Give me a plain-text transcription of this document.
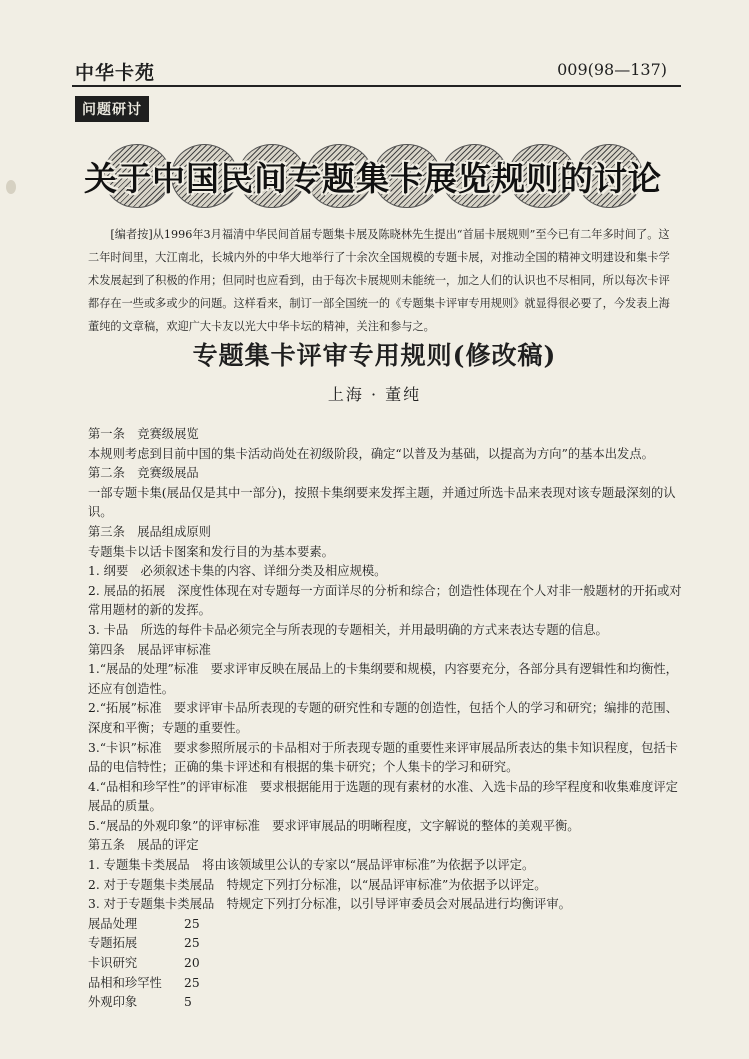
中华卡苑	009(98—137)
问题研讨
关于中国民间专题集卡展览规则的讨论
[编者按]从1996年3月福清中华民间首届专题集卡展及陈晓林先生提出“首届卡展规则”至今已有二年多时间了。这二年时间里，大江南北，长城内外的中华大地举行了十余次全国规模的专题卡展，对推动全国的精神文明建设和集卡学术发展起到了积极的作用；但同时也应看到，由于每次卡展规则未能统一，加之人们的认识也不尽相同，所以每次卡评都存在一些或多或少的问题。这样看来，制订一部全国统一的《专题集卡评审专用规则》就显得很必要了，今发表上海董纯的文章稿，欢迎广大卡友以光大中华卡坛的精神，关注和参与之。
专题集卡评审专用规则(修改稿)
上海 · 董纯

第一条　竞赛级展览

本规则考虑到目前中国的集卡活动尚处在初级阶段，确定“以普及为基础，以提高为方向”的基本出发点。

第二条　竞赛级展品

一部专题卡集(展品仅是其中一部分)，按照卡集纲要来发挥主题，并通过所选卡品来表现对该专题最深刻的认识。

第三条　展品组成原则

专题集卡以话卡图案和发行目的为基本要素。

1. 纲要　必须叙述卡集的内容、详细分类及相应规模。

2. 展品的拓展　深度性体现在对专题每一方面详尽的分析和综合；创造性体现在个人对非一般题材的开拓或对常用题材的新的发挥。

3. 卡品　所选的每件卡品必须完全与所表现的专题相关，并用最明确的方式来表达专题的信息。

第四条　展品评审标准

1.“展品的处理”标准　要求评审反映在展品上的卡集纲要和规模，内容要充分，各部分具有逻辑性和均衡性，还应有创造性。

2.“拓展”标准　要求评审卡品所表现的专题的研究性和专题的创造性，包括个人的学习和研究；编排的范围、深度和平衡；专题的重要性。

3.“卡识”标准　要求参照所展示的卡品相对于所表现专题的重要性来评审展品所表达的集卡知识程度，包括卡品的电信特性；正确的集卡评述和有根据的集卡研究；个人集卡的学习和研究。

4.“品相和珍罕性”的评审标准　要求根据能用于选题的现有素材的水准、入选卡品的珍罕程度和收集难度评定展品的质量。

5.“展品的外观印象”的评审标准　要求评审展品的明晰程度，文字解说的整体的美观平衡。

第五条　展品的评定

1. 专题集卡类展品　将由该领域里公认的专家以“展品评审标准”为依据予以评定。

2. 对于专题集卡类展品　特规定下列打分标准，以“展品评审标准”为依据予以评定。

3. 对于专题集卡类展品　特规定下列打分标准，以引导评审委员会对展品进行均衡评审。

展品处理	25
专题拓展	25
卡识研究	20
品相和珍罕性	25
外观印象	5
